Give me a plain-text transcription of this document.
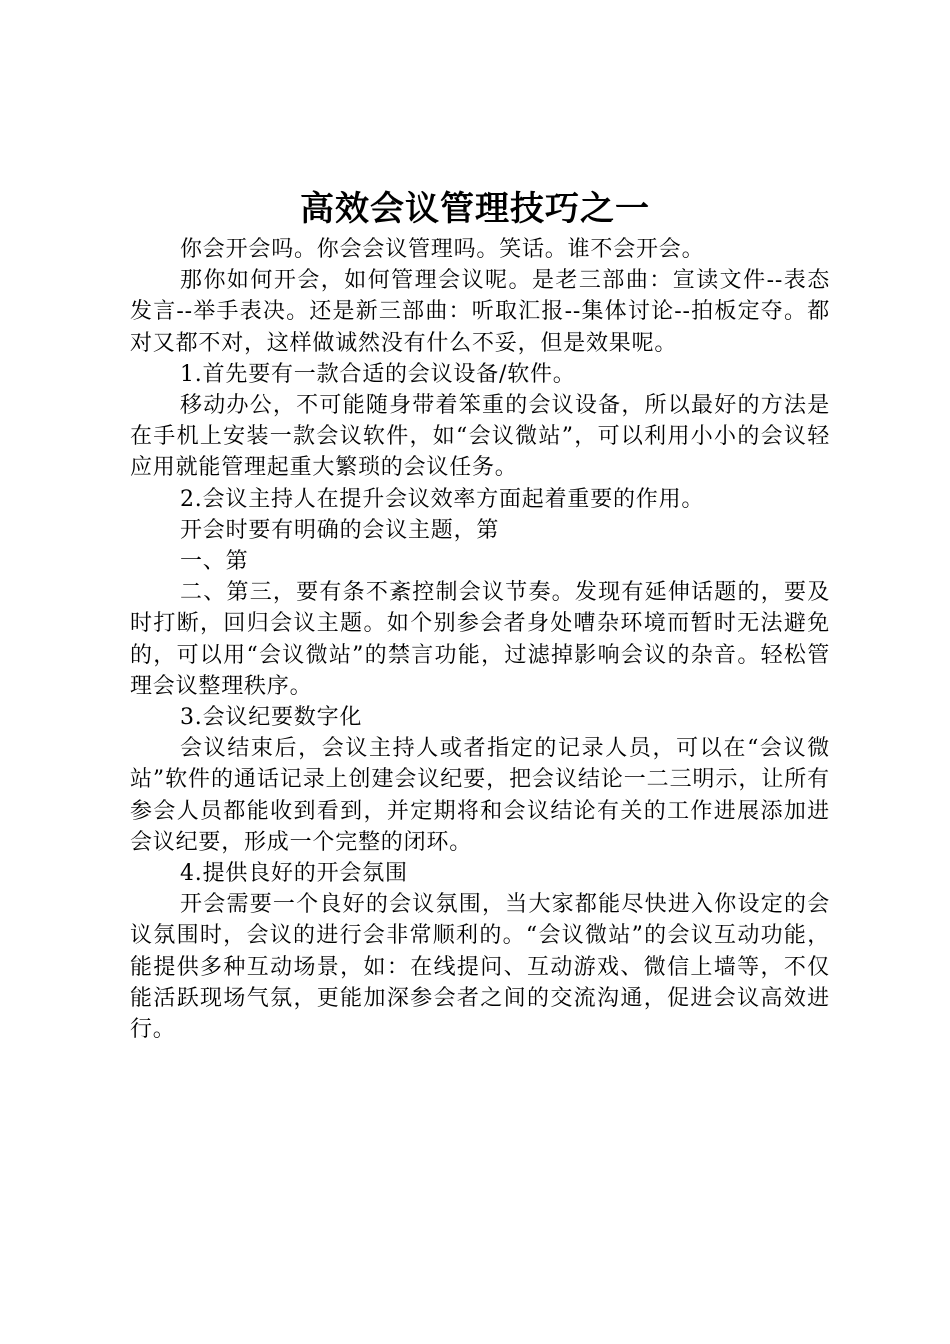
高效会议管理技巧之一

你会开会吗。你会会议管理吗。笑话。谁不会开会。

那你如何开会，如何管理会议呢。是老三部曲：宣读文件--表态发言--举手表决。还是新三部曲：听取汇报--集体讨论--拍板定夺。都对又都不对，这样做诚然没有什么不妥，但是效果呢。

1.首先要有一款合适的会议设备/软件。

移动办公，不可能随身带着笨重的会议设备，所以最好的方法是在手机上安装一款会议软件，如“会议微站”，可以利用小小的会议轻应用就能管理起重大繁琐的会议任务。

2.会议主持人在提升会议效率方面起着重要的作用。

开会时要有明确的会议主题，第

一、第

二、第三，要有条不紊控制会议节奏。发现有延伸话题的，要及时打断，回归会议主题。如个别参会者身处嘈杂环境而暂时无法避免的，可以用“会议微站”的禁言功能，过滤掉影响会议的杂音。轻松管理会议整理秩序。

3.会议纪要数字化

会议结束后，会议主持人或者指定的记录人员，可以在“会议微站”软件的通话记录上创建会议纪要，把会议结论一二三明示，让所有参会人员都能收到看到，并定期将和会议结论有关的工作进展添加进会议纪要，形成一个完整的闭环。

4.提供良好的开会氛围

开会需要一个良好的会议氛围，当大家都能尽快进入你设定的会议氛围时，会议的进行会非常顺利的。“会议微站”的会议互动功能，能提供多种互动场景，如：在线提问、互动游戏、微信上墙等，不仅能活跃现场气氛，更能加深参会者之间的交流沟通，促进会议高效进行。
